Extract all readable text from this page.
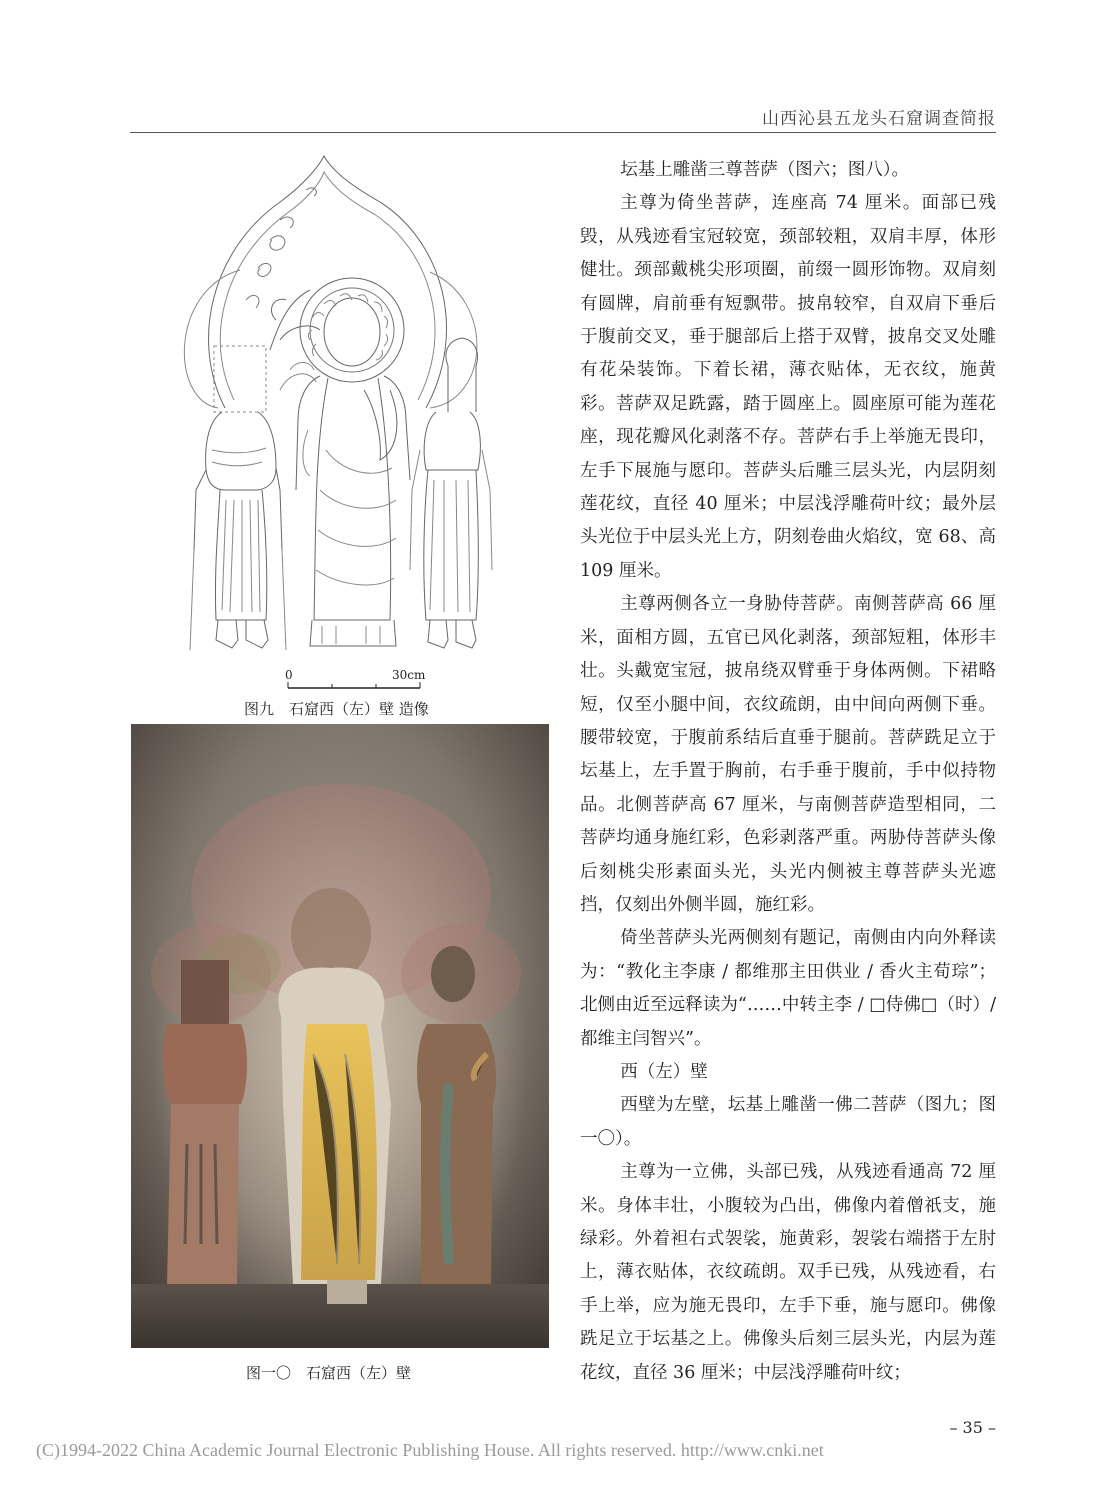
山西沁县五龙头石窟调查简报
0	30cm
图九　石窟西（左）壁 造像
图一〇　石窟西（左）壁

坛基上雕凿三尊菩萨（图六；图八）。

主尊为倚坐菩萨，连座高 74 厘米。面部已残毁，从残迹看宝冠较宽，颈部较粗，双肩丰厚，体形健壮。颈部戴桃尖形项圈，前缀一圆形饰物。双肩刻有圆牌，肩前垂有短飘带。披帛较窄，自双肩下垂后于腹前交叉，垂于腿部后上搭于双臂，披帛交叉处雕有花朵装饰。下着长裙，薄衣贴体，无衣纹，施黄彩。菩萨双足跣露，踏于圆座上。圆座原可能为莲花座，现花瓣风化剥落不存。菩萨右手上举施无畏印，左手下展施与愿印。菩萨头后雕三层头光，内层阴刻莲花纹，直径 40 厘米；中层浅浮雕荷叶纹；最外层头光位于中层头光上方，阴刻卷曲火焰纹，宽 68、高 109 厘米。

主尊两侧各立一身胁侍菩萨。南侧菩萨高 66 厘米，面相方圆，五官已风化剥落，颈部短粗，体形丰壮。头戴宽宝冠，披帛绕双臂垂于身体两侧。下裙略短，仅至小腿中间，衣纹疏朗，由中间向两侧下垂。腰带较宽，于腹前系结后直垂于腿前。菩萨跣足立于坛基上，左手置于胸前，右手垂于腹前，手中似持物品。北侧菩萨高 67 厘米，与南侧菩萨造型相同，二菩萨均通身施红彩，色彩剥落严重。两胁侍菩萨头像后刻桃尖形素面头光，头光内侧被主尊菩萨头光遮挡，仅刻出外侧半圆，施红彩。

倚坐菩萨头光两侧刻有题记，南侧由内向外释读为：“教化主李康 / 都维那主田供业 / 香火主荀琮”；北侧由近至远释读为“……中转主李 / □侍佛□（时）/ 都维主闫智兴”。

西（左）壁

西壁为左壁，坛基上雕凿一佛二菩萨（图九；图一〇）。

主尊为一立佛，头部已残，从残迹看通高 72 厘米。身体丰壮，小腹较为凸出，佛像内着僧祇支，施绿彩。外着袒右式袈裟，施黄彩，袈裟右端搭于左肘上，薄衣贴体，衣纹疏朗。双手已残，从残迹看，右手上举，应为施无畏印，左手下垂，施与愿印。佛像跣足立于坛基之上。佛像头后刻三层头光，内层为莲花纹，直径 36 厘米；中层浅浮雕荷叶纹；

– 35 –
(C)1994-2022 China Academic Journal Electronic Publishing House. All rights reserved. http://www.cnki.net
